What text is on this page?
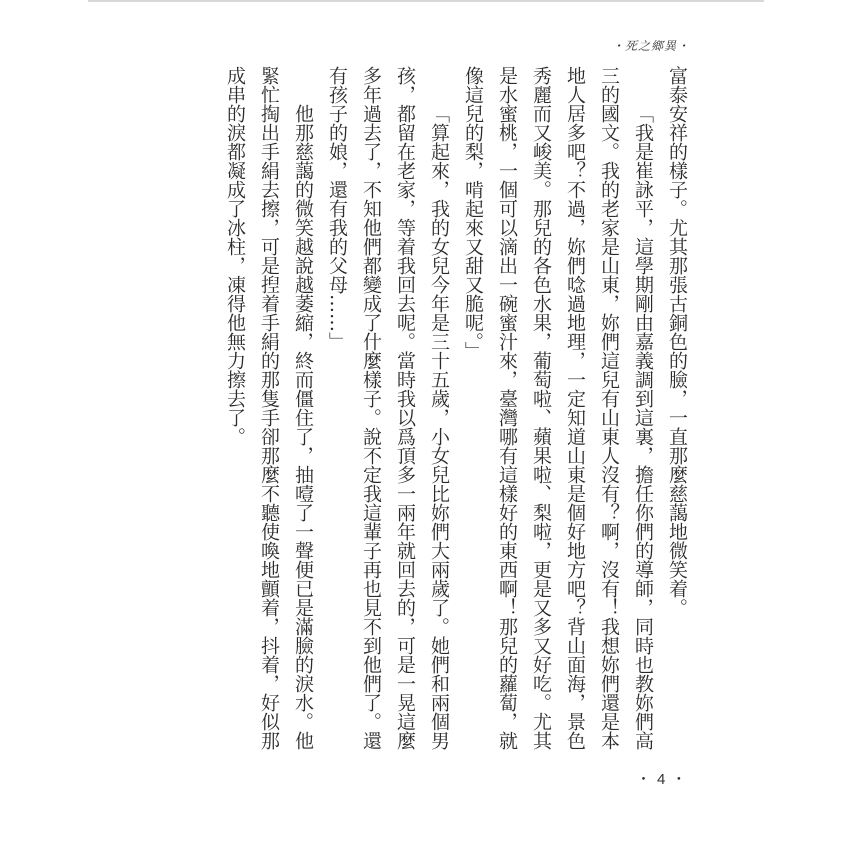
・死之鄉異・

富泰安祥的樣子。尤其那張古銅色的臉，一直那麼慈藹地微笑着。

「我是崔詠平，這學期剛由嘉義調到這裏，擔任你們的導師，同時也教妳們高三的國文。我的老家是山東，妳們這兒有山東人沒有？啊，沒有！我想妳們還是本地人居多吧？不過，妳們唸過地理，一定知道山東是個好地方吧？背山面海，景色秀麗而又峻美。那兒的各色水果，葡萄啦、蘋果啦、梨啦，更是又多又好吃。尤其是水蜜桃，一個可以滴出一碗蜜汁來，臺灣哪有這樣好的東西啊！那兒的蘿蔔，就像這兒的梨，啃起來又甜又脆呢。」

「算起來，我的女兒今年是三十五歲，小女兒比妳們大兩歲了。她們和兩個男孩，都留在老家，等着我回去呢。當時我以爲頂多一兩年就回去的，可是一晃這麼多年過去了，不知他們都變成了什麼樣子。說不定我這輩子再也見不到他們了。還有孩子的娘，還有我的父母……」

他那慈藹的微笑越說越萎縮，終而僵住了，抽噎了一聲便已是滿臉的淚水。他緊忙掏出手絹去擦，可是揑着手絹的那隻手卻那麼不聽使喚地顫着，抖着，好似那成串的淚都凝成了冰柱，凍得他無力擦去了。

・4・
